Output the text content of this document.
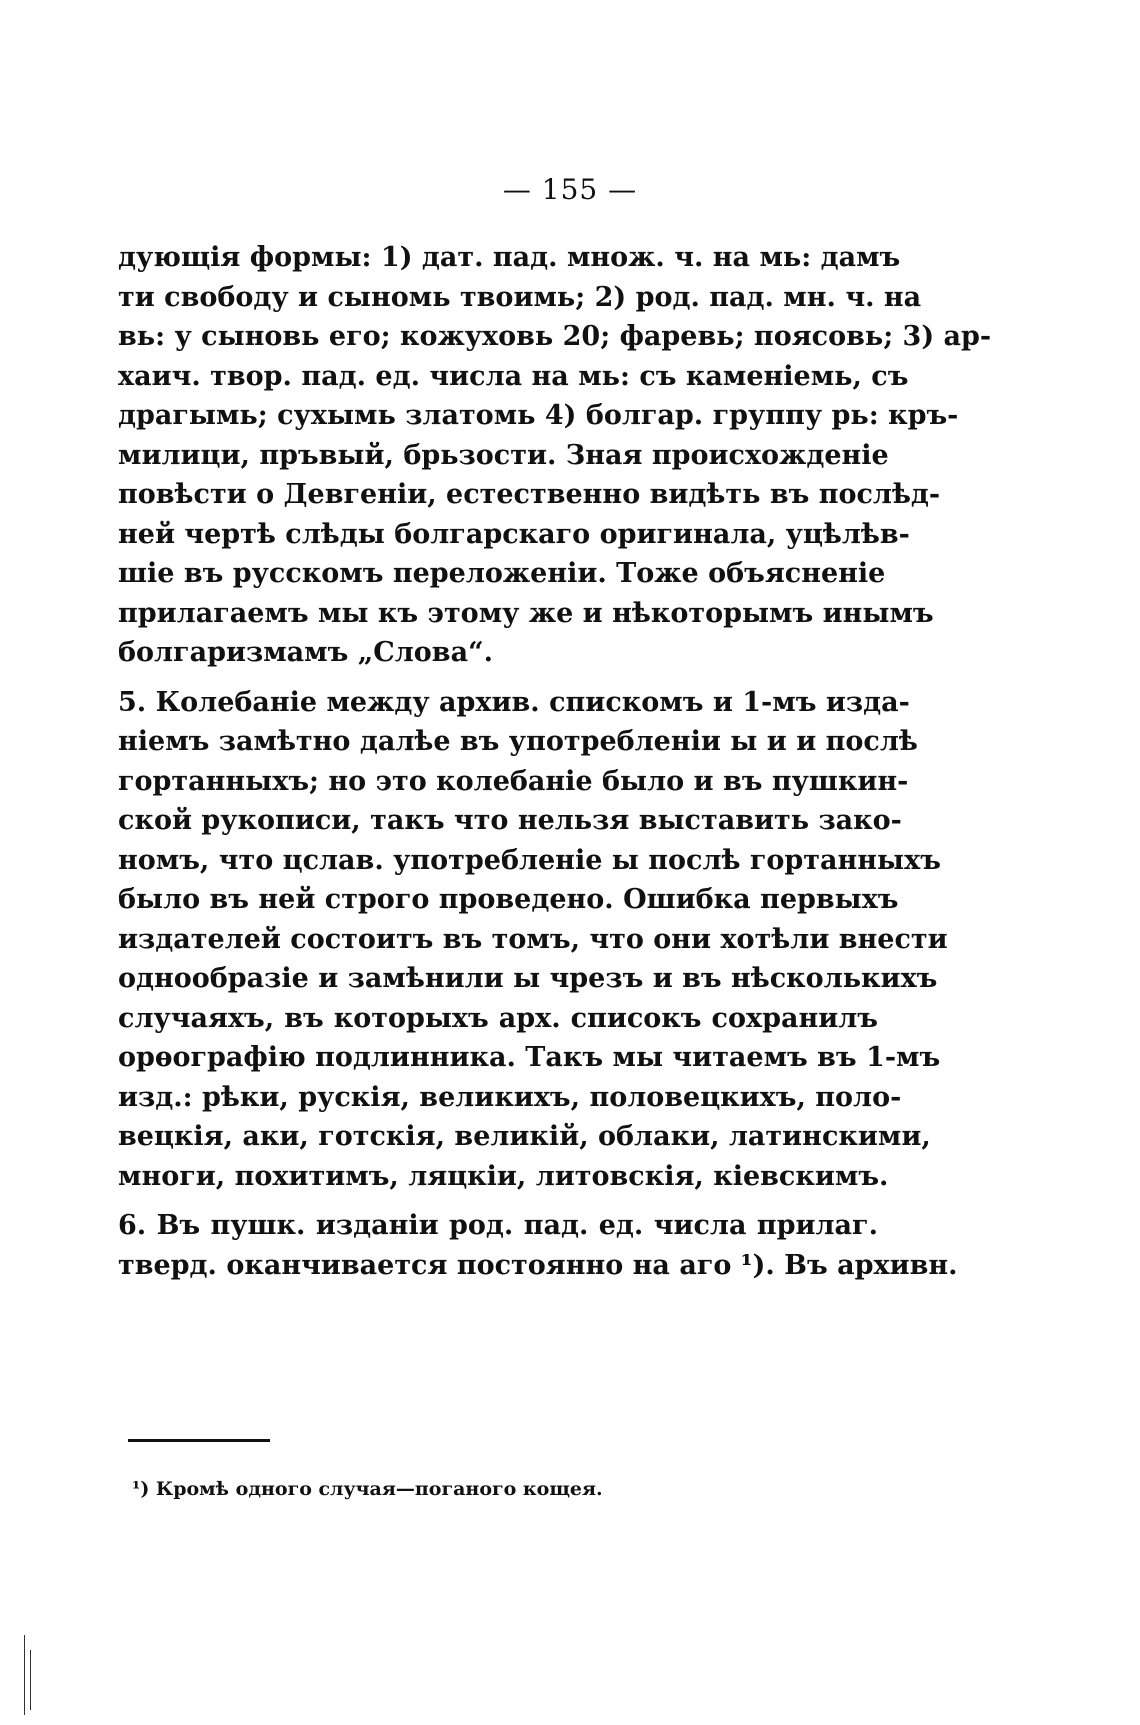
— 155 —
дующія формы: 1) дат. пад. множ. ч. на мь: дамъ
ти свободу и сыномь твоимь; 2) род. пад. мн. ч. на
вь: у сыновь его; кожуховь 20; фаревь; поясовь; 3) ар-
хаич. твор. пад. ед. числа на мь: съ каменіемь, съ
драгымь; сухымь златомь 4) болгар. группу рь: кръ-
милици, пръвый, брьзости. Зная происхожденіе
повѣсти о Девгеніи, естественно видѣть въ послѣд-
ней чертѣ слѣды болгарскаго оригинала, уцѣлѣв-
шіе въ русскомъ переложеніи. Тоже объясненіе
прилагаемъ мы къ этому же и нѣкоторымъ инымъ
болгаризмамъ „Слова“.
5. Колебаніе между архив. спискомъ и 1-мъ изда-
ніемъ замѣтно далѣе въ употребленіи ы и и послѣ
гортанныхъ; но это колебаніе было и въ пушкин-
ской рукописи, такъ что нельзя выставить зако-
номъ, что цслав. употребленіе ы послѣ гортанныхъ
было въ ней строго проведено. Ошибка первыхъ
издателей состоитъ въ томъ, что они хотѣли внести
однообразіе и замѣнили ы чрезъ и въ нѣсколькихъ
случаяхъ, въ которыхъ арх. списокъ сохранилъ
орѳографію подлинника. Такъ мы читаемъ въ 1-мъ
изд.: рѣки, рускія, великихъ, половецкихъ, поло-
вецкія, аки, готскія, великій, облаки, латинскими,
многи, похитимъ, ляцкіи, литовскія, кіевскимъ.
6. Въ пушк. изданіи род. пад. ед. числа прилаг.
тверд. оканчивается постоянно на аго ¹). Въ архивн.
¹) Кромѣ одного случая—поганого кощея.
